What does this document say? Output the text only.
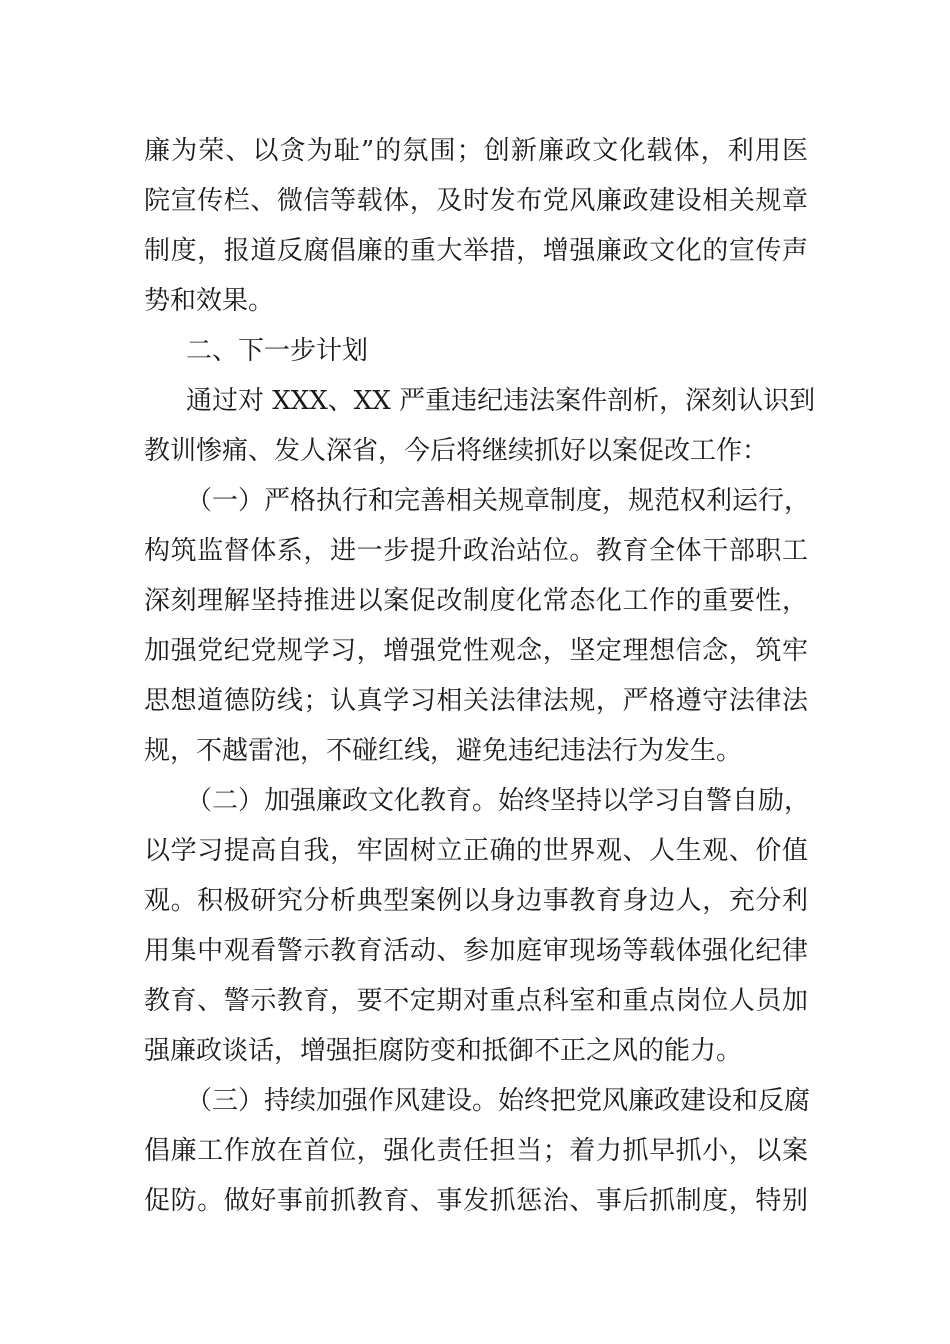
廉为荣、以贪为耻”的氛围；创新廉政文化载体，利用医
院宣传栏、微信等载体，及时发布党风廉政建设相关规章
制度，报道反腐倡廉的重大举措，增强廉政文化的宣传声
势和效果。
二、下一步计划
通过对 XXX、XX 严重违纪违法案件剖析，深刻认识到
教训惨痛、发人深省，今后将继续抓好以案促改工作：
（一）严格执行和完善相关规章制度，规范权利运行，
构筑监督体系，进一步提升政治站位。教育全体干部职工
深刻理解坚持推进以案促改制度化常态化工作的重要性，
加强党纪党规学习，增强党性观念，坚定理想信念，筑牢
思想道德防线；认真学习相关法律法规，严格遵守法律法
规，不越雷池，不碰红线，避免违纪违法行为发生。
（二）加强廉政文化教育。始终坚持以学习自警自励，
以学习提高自我，牢固树立正确的世界观、人生观、价值
观。积极研究分析典型案例以身边事教育身边人，充分利
用集中观看警示教育活动、参加庭审现场等载体强化纪律
教育、警示教育，要不定期对重点科室和重点岗位人员加
强廉政谈话，增强拒腐防变和抵御不正之风的能力。
（三）持续加强作风建设。始终把党风廉政建设和反腐
倡廉工作放在首位，强化责任担当；着力抓早抓小，以案
促防。做好事前抓教育、事发抓惩治、事后抓制度，特别
